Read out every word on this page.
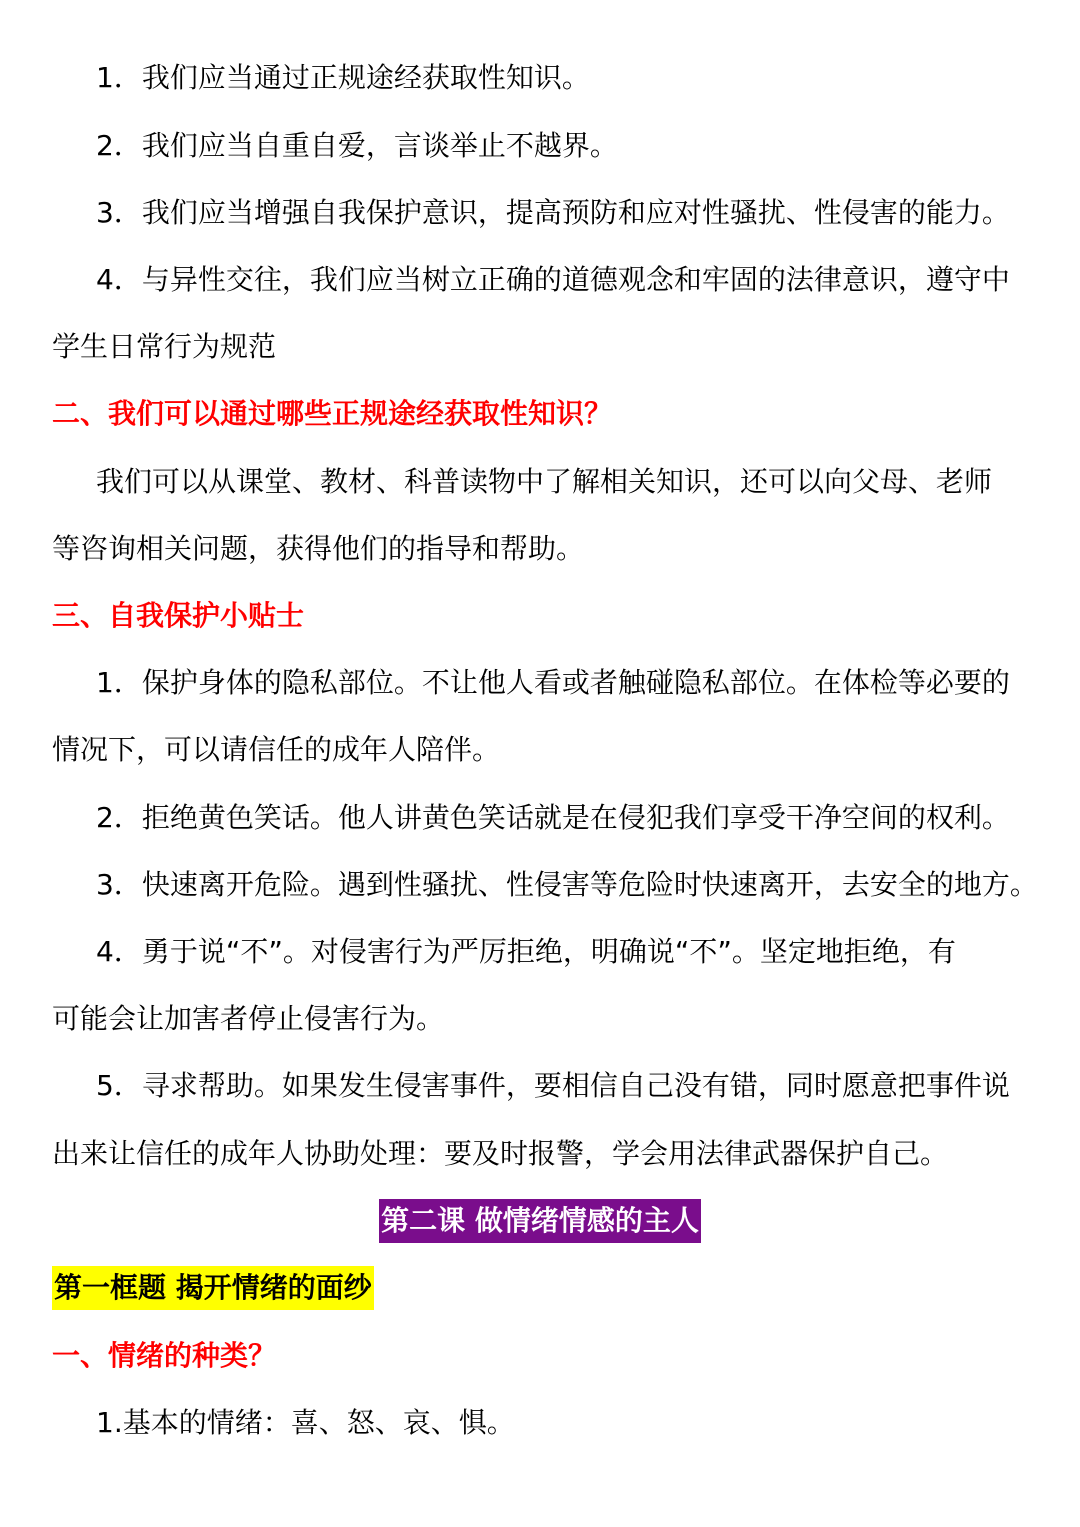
1．我们应当通过正规途经获取性知识。
2．我们应当自重自爱，言谈举止不越界。
3．我们应当增强自我保护意识，提高预防和应对性骚扰、性侵害的能力。
4．与异性交往，我们应当树立正确的道德观念和牢固的法律意识，遵守中
学生日常行为规范
二、我们可以通过哪些正规途经获取性知识？
我们可以从课堂、教材、科普读物中了解相关知识，还可以向父母、老师
等咨询相关问题，获得他们的指导和帮助。
三、自我保护小贴士
1．保护身体的隐私部位。不让他人看或者触碰隐私部位。在体检等必要的
情况下，可以请信任的成年人陪伴。
2．拒绝黄色笑话。他人讲黄色笑话就是在侵犯我们享受干净空间的权利。
3．快速离开危险。遇到性骚扰、性侵害等危险时快速离开，去安全的地方。
4．勇于说“不”。对侵害行为严厉拒绝，明确说“不”。坚定地拒绝，有
可能会让加害者停止侵害行为。
5．寻求帮助。如果发生侵害事件，要相信自己没有错，同时愿意把事件说
出来让信任的成年人协助处理：要及时报警，学会用法律武器保护自己。
第二课 做情绪情感的主人
第一框题 揭开情绪的面纱
一、情绪的种类？
1.基本的情绪：喜、怒、哀、惧。
